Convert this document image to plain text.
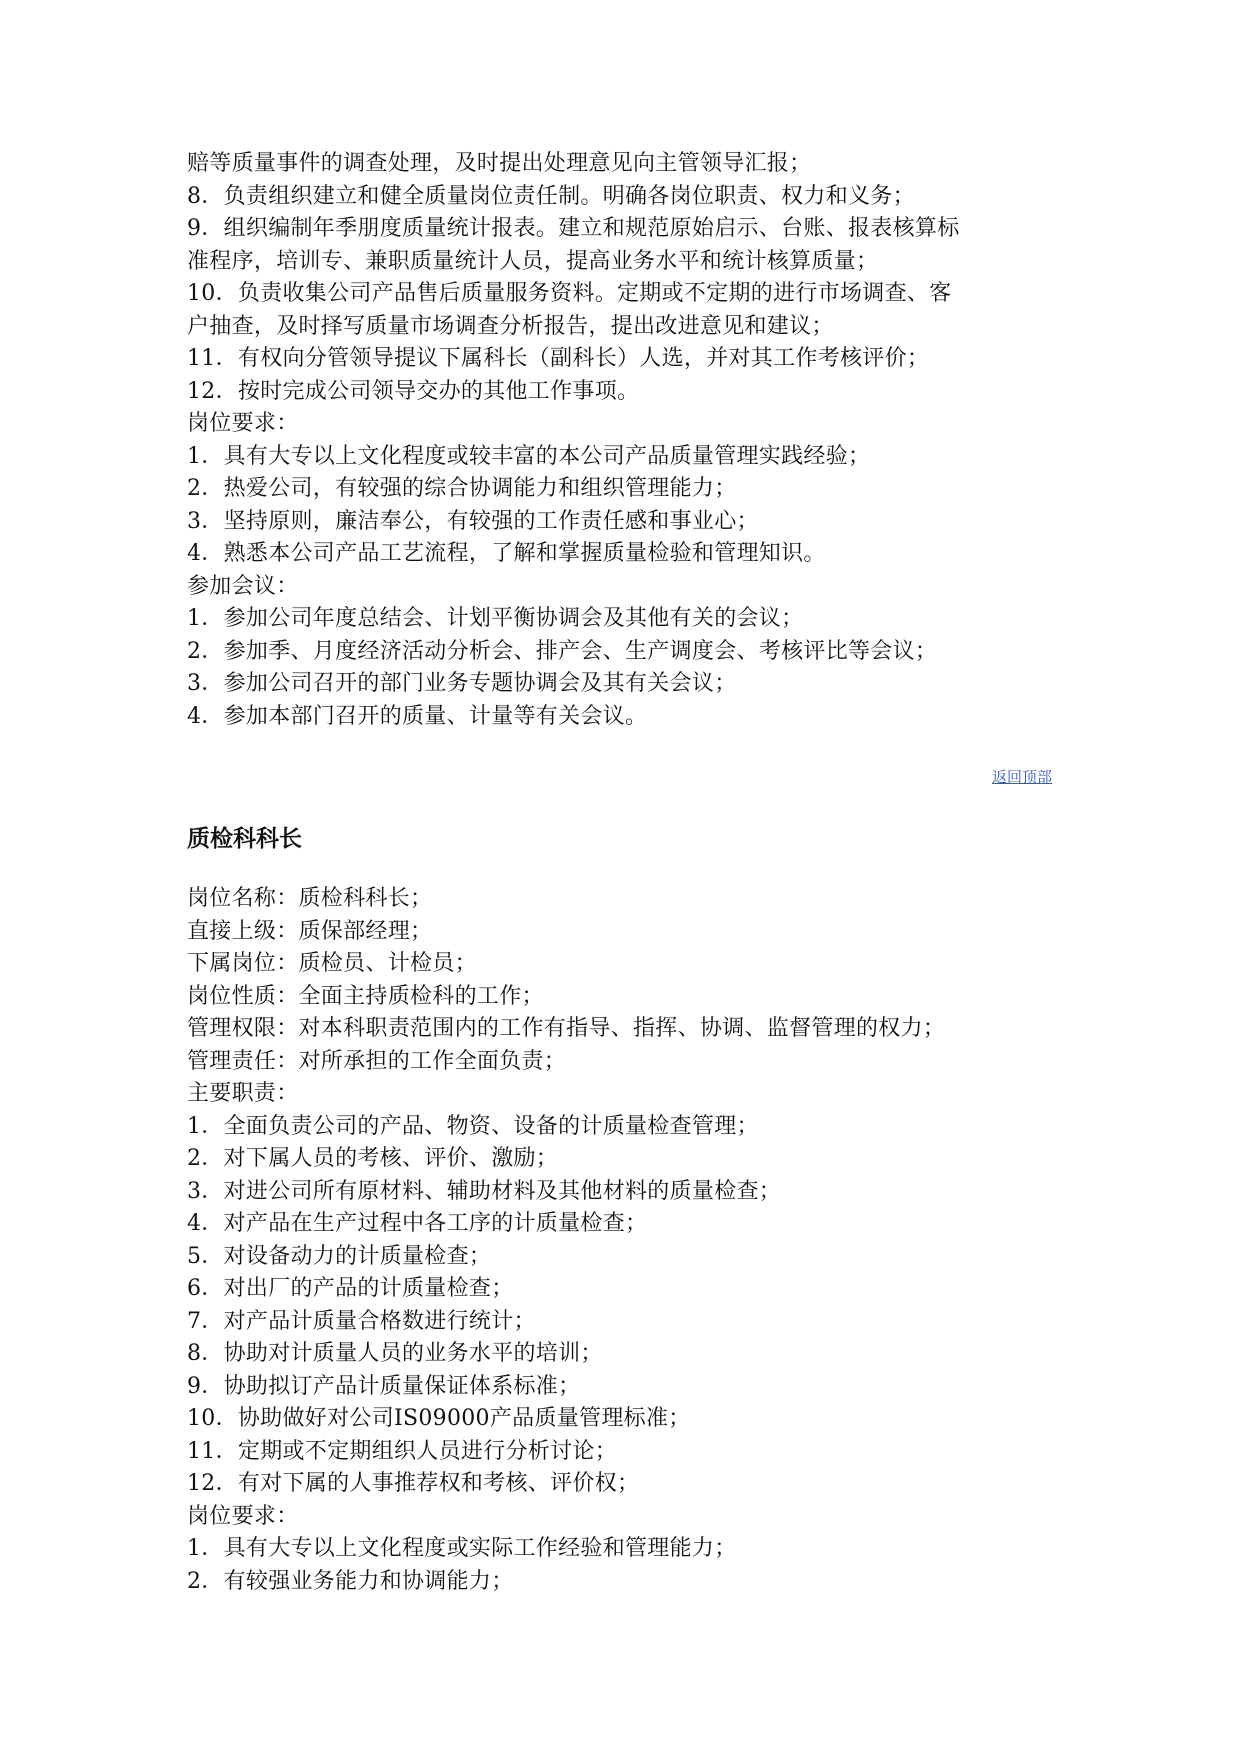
赔等质量事件的调查处理，及时提出处理意见向主管领导汇报；
8．负责组织建立和健全质量岗位责任制。明确各岗位职责、权力和义务；
9．组织编制年季朋度质量统计报表。建立和规范原始启示、台账、报表核算标
准程序，培训专、兼职质量统计人员，提高业务水平和统计核算质量；
10．负责收集公司产品售后质量服务资料。定期或不定期的进行市场调查、客
户抽查，及时择写质量市场调查分析报告，提出改进意见和建议；
11．有权向分管领导提议下属科长（副科长）人选，并对其工作考核评价；
12．按时完成公司领导交办的其他工作事项。
岗位要求：
1．具有大专以上文化程度或较丰富的本公司产品质量管理实践经验；
2．热爱公司，有较强的综合协调能力和组织管理能力；
3．坚持原则，廉洁奉公，有较强的工作责任感和事业心；
4．熟悉本公司产品工艺流程，了解和掌握质量检验和管理知识。
参加会议：
1．参加公司年度总结会、计划平衡协调会及其他有关的会议；
2．参加季、月度经济活动分析会、排产会、生产调度会、考核评比等会议；
3．参加公司召开的部门业务专题协调会及其有关会议；
4．参加本部门召开的质量、计量等有关会议。
返回顶部
质检科科长
岗位名称：质检科科长；
直接上级：质保部经理；
下属岗位：质检员、计检员；
岗位性质：全面主持质检科的工作；
管理权限：对本科职责范围内的工作有指导、指挥、协调、监督管理的权力；
管理责任：对所承担的工作全面负责；
主要职责：
1．全面负责公司的产品、物资、设备的计质量检查管理；
2．对下属人员的考核、评价、激励；
3．对进公司所有原材料、辅助材料及其他材料的质量检查；
4．对产品在生产过程中各工序的计质量检查；
5．对设备动力的计质量检查；
6．对出厂的产品的计质量检查；
7．对产品计质量合格数进行统计；
8．协助对计质量人员的业务水平的培训；
9．协助拟订产品计质量保证体系标准；
10．协助做好对公司IS09000产品质量管理标准；
11．定期或不定期组织人员进行分析讨论；
12．有对下属的人事推荐权和考核、评价权；
岗位要求：
1．具有大专以上文化程度或实际工作经验和管理能力；
2．有较强业务能力和协调能力；
